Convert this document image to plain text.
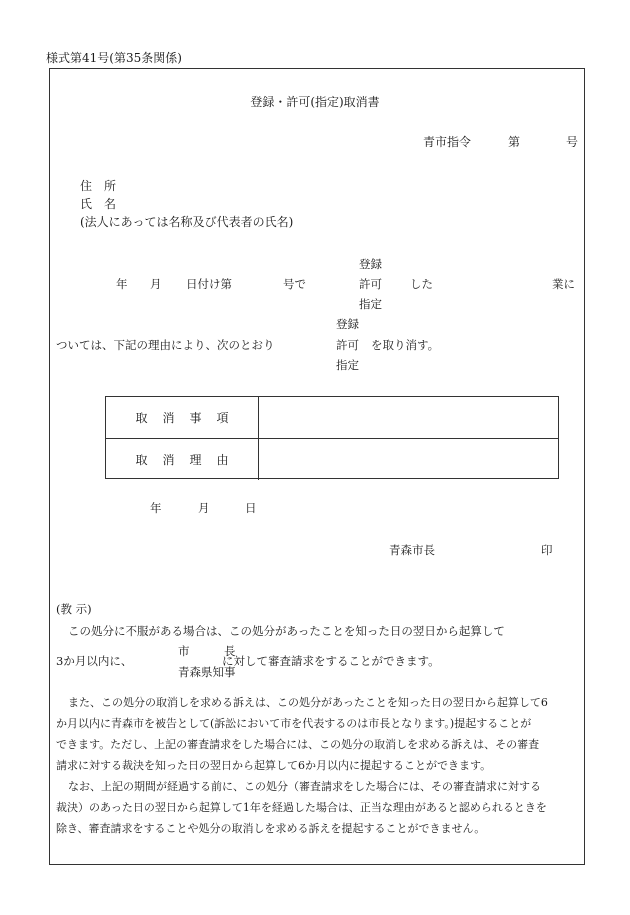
様式第41号(第35条関係)
登録・許可(指定)取消書
青市指令	第	号
住　所
氏　名
(法人にあっては名称及び代表者の氏名)
登録
年 月 日付け第	号で	許可 した	業に
指定
登録
ついては、下記の理由により、次のとおり	許可 を取り消す。
指定
取消事項
取消理由
年	月	日
青森市長	印
(教 示)
この処分に不服がある場合は、この処分があったことを知った日の翌日から起算して
市　　　長
3か月以内に、	に対して審査請求をすることができます。
青森県知事
また、この処分の取消しを求める訴えは、この処分があったことを知った日の翌日から起算して6
か月以内に青森市を被告として(訴訟において市を代表するのは市長となります。)提起することが
できます。ただし、上記の審査請求をした場合には、この処分の取消しを求める訴えは、その審査
請求に対する裁決を知った日の翌日から起算して6か月以内に提起することができます。
なお、上記の期間が経過する前に、この処分（審査請求をした場合には、その審査請求に対する
裁決）のあった日の翌日から起算して1年を経過した場合は、正当な理由があると認められるときを
除き、審査請求をすることや処分の取消しを求める訴えを提起することができません。
